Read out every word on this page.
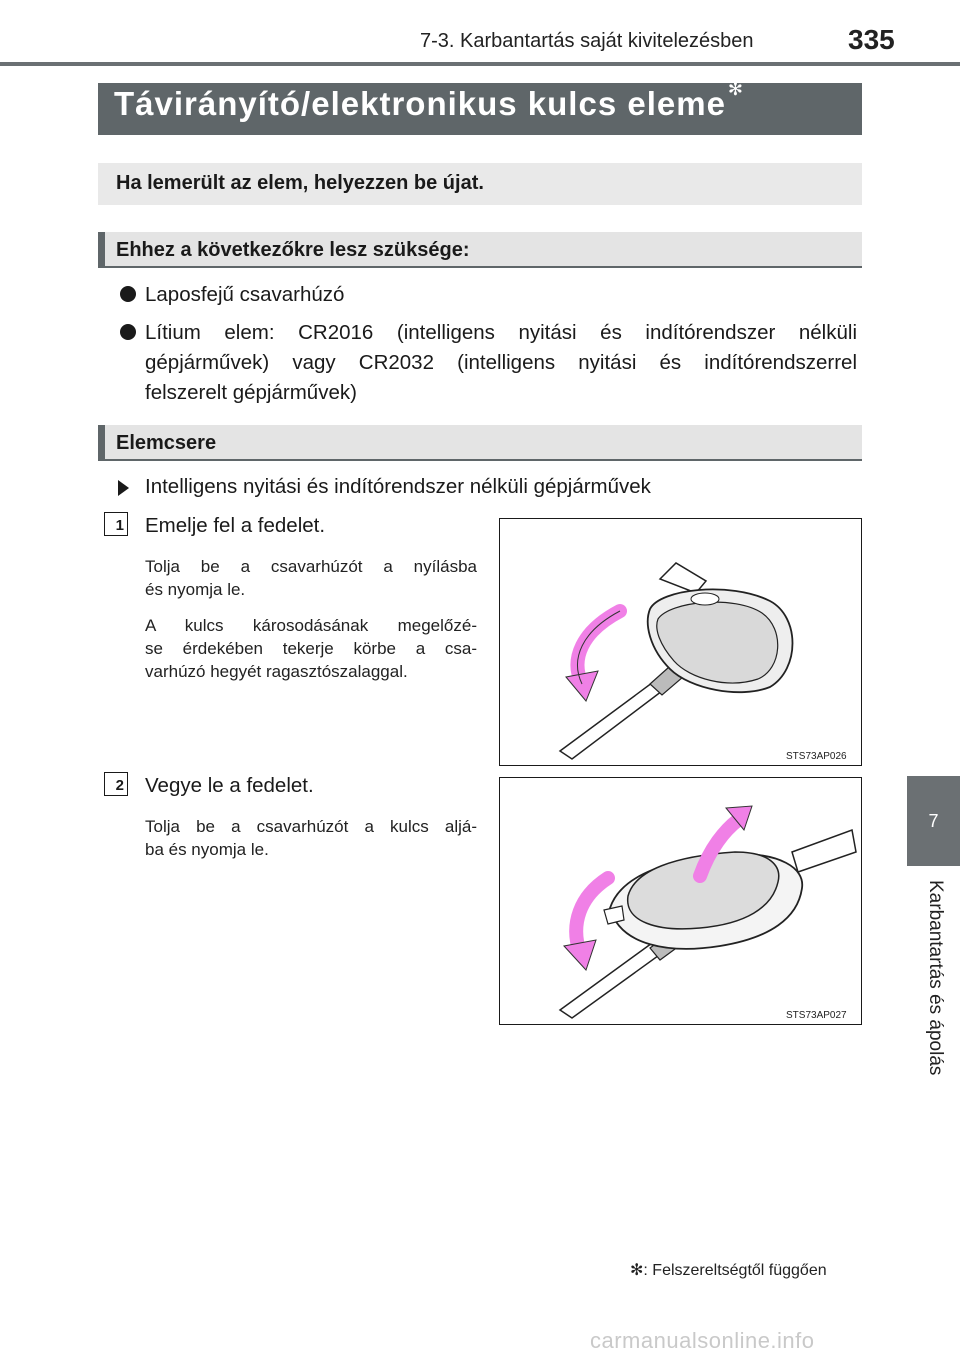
7-3. Karbantartás saját kivitelezésben	335
7
Karbantartás és ápolás
Távirányító/elektronikus kulcs eleme ✻
Ha lemerült az elem, helyezzen be újat.
Ehhez a következőkre lesz szüksége:
Laposfejű csavarhúzó
Lítium elem: CR2016 (intelligens nyitási és indítórendszer nélküli
gépjárművek) vagy CR2032 (intelligens nyitási és indítórendszerrel
felszerelt gépjárművek)
Elemcsere
Intelligens nyitási és indítórendszer nélküli gépjárművek
1 Emelje fel a fedelet.
Tolja be a csavarhúzót a nyílásba
és nyomja le.
A kulcs károsodásának megelőzé-
se érdekében tekerje körbe a csa-
varhúzó hegyét ragasztószalaggal.
STS73AP026
2 Vegye le a fedelet.
Tolja be a csavarhúzót a kulcs aljá-
ba és nyomja le.
STS73AP027
✻: Felszereltségtől függően
carmanualsonline.info
